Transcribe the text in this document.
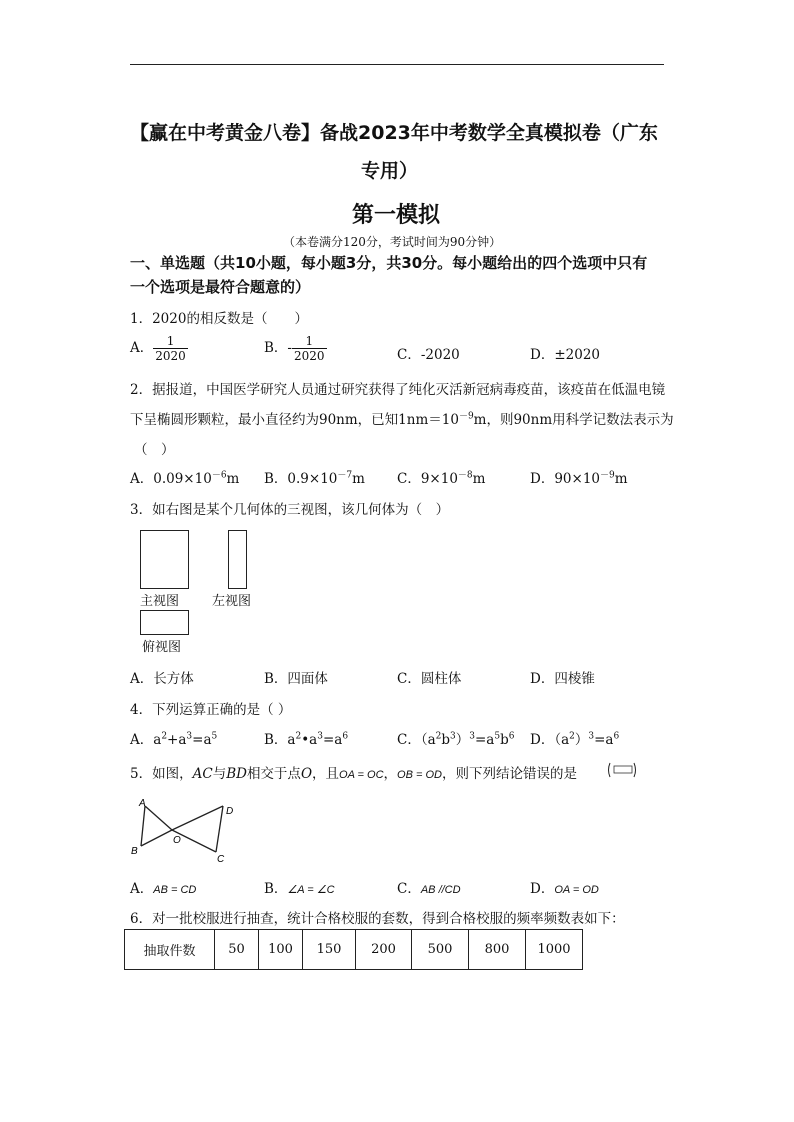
【赢在中考黄金八卷】备战2023年中考数学全真模拟卷（广东
专用）
第一模拟
（本卷满分120分，考试时间为90分钟）
一、单选题（共10小题，每小题3分，共30分。每小题给出的四个选项中只有
一个选项是最符合题意的）
1．2020的相反数是（　　）
A． $\frac{1}{2020}$	B．- $\frac{1}{2020}$	C．-2020	D．±2020
2．据报道，中国医学研究人员通过研究获得了纯化灭活新冠病毒疫苗，该疫苗在低温电镜
下呈椭圆形颗粒，最小直径约为90nm，已知$1nm=10^{-9}m$，则90nm用科学记数法表示为
（　）
A．$0.09\times 10^{-6}m$ B．$0.9\times 10^{-7}m$ C．$9\times 10^{-8}m$	D．$90\times 10^{-9}m$
3．如右图是某个几何体的三视图，该几何体为（　）
主视图	左视图
俯视图
A．长方体	B．四面体	C．圆柱体	D．四棱锥
4．下列运算正确的是（ ）
A．$a^2+a^3=a^5$	B．$a^2•a^3=a^6$	C．$(a^2b^3)^3=a^5b^6$ D．$(a^2)^3=a^6$
5．如图，AC与BD相交于点O，且OA = OC，OB = OD，则下列结论错误的是
A
B
C
D
O
A．AB = CD	B．∠A = ∠C	C．AB //CD	D．OA = OD
6．对一批校服进行抽查，统计合格校服的套数，得到合格校服的频率频数表如下：
抽取件数	50	100	150	200	500	800	1000
